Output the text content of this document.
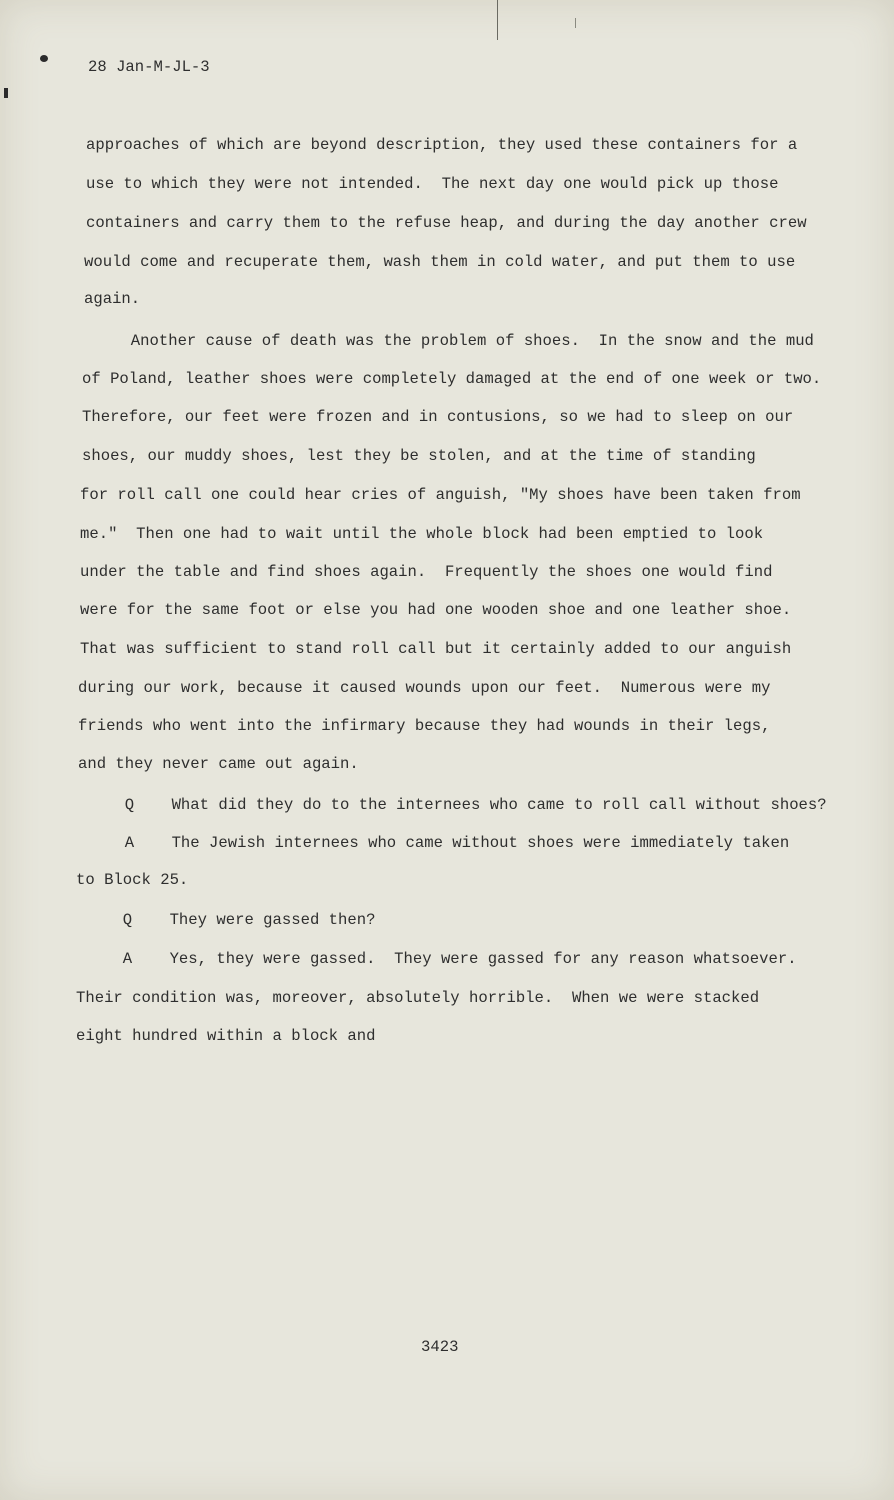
28 Jan-M-JL-3
approaches of which are beyond description, they used these containers for a
use to which they were not intended.  The next day one would pick up those
containers and carry them to the refuse heap, and during the day another crew
would come and recuperate them, wash them in cold water, and put them to use
again.
Another cause of death was the problem of shoes.  In the snow and the mud
of Poland, leather shoes were completely damaged at the end of one week or two.
Therefore, our feet were frozen and in contusions, so we had to sleep on our
shoes, our muddy shoes, lest they be stolen, and at the time of standing
for roll call one could hear cries of anguish, "My shoes have been taken from
me."  Then one had to wait until the whole block had been emptied to look
under the table and find shoes again.  Frequently the shoes one would find
were for the same foot or else you had one wooden shoe and one leather shoe.
That was sufficient to stand roll call but it certainly added to our anguish
during our work, because it caused wounds upon our feet.  Numerous were my
friends who went into the infirmary because they had wounds in their legs,
and they never came out again.
Q    What did they do to the internees who came to roll call without shoes?
A    The Jewish internees who came without shoes were immediately taken
to Block 25.
Q    They were gassed then?
A    Yes, they were gassed.  They were gassed for any reason whatsoever.
Their condition was, moreover, absolutely horrible.  When we were stacked
eight hundred within a block and
3423
